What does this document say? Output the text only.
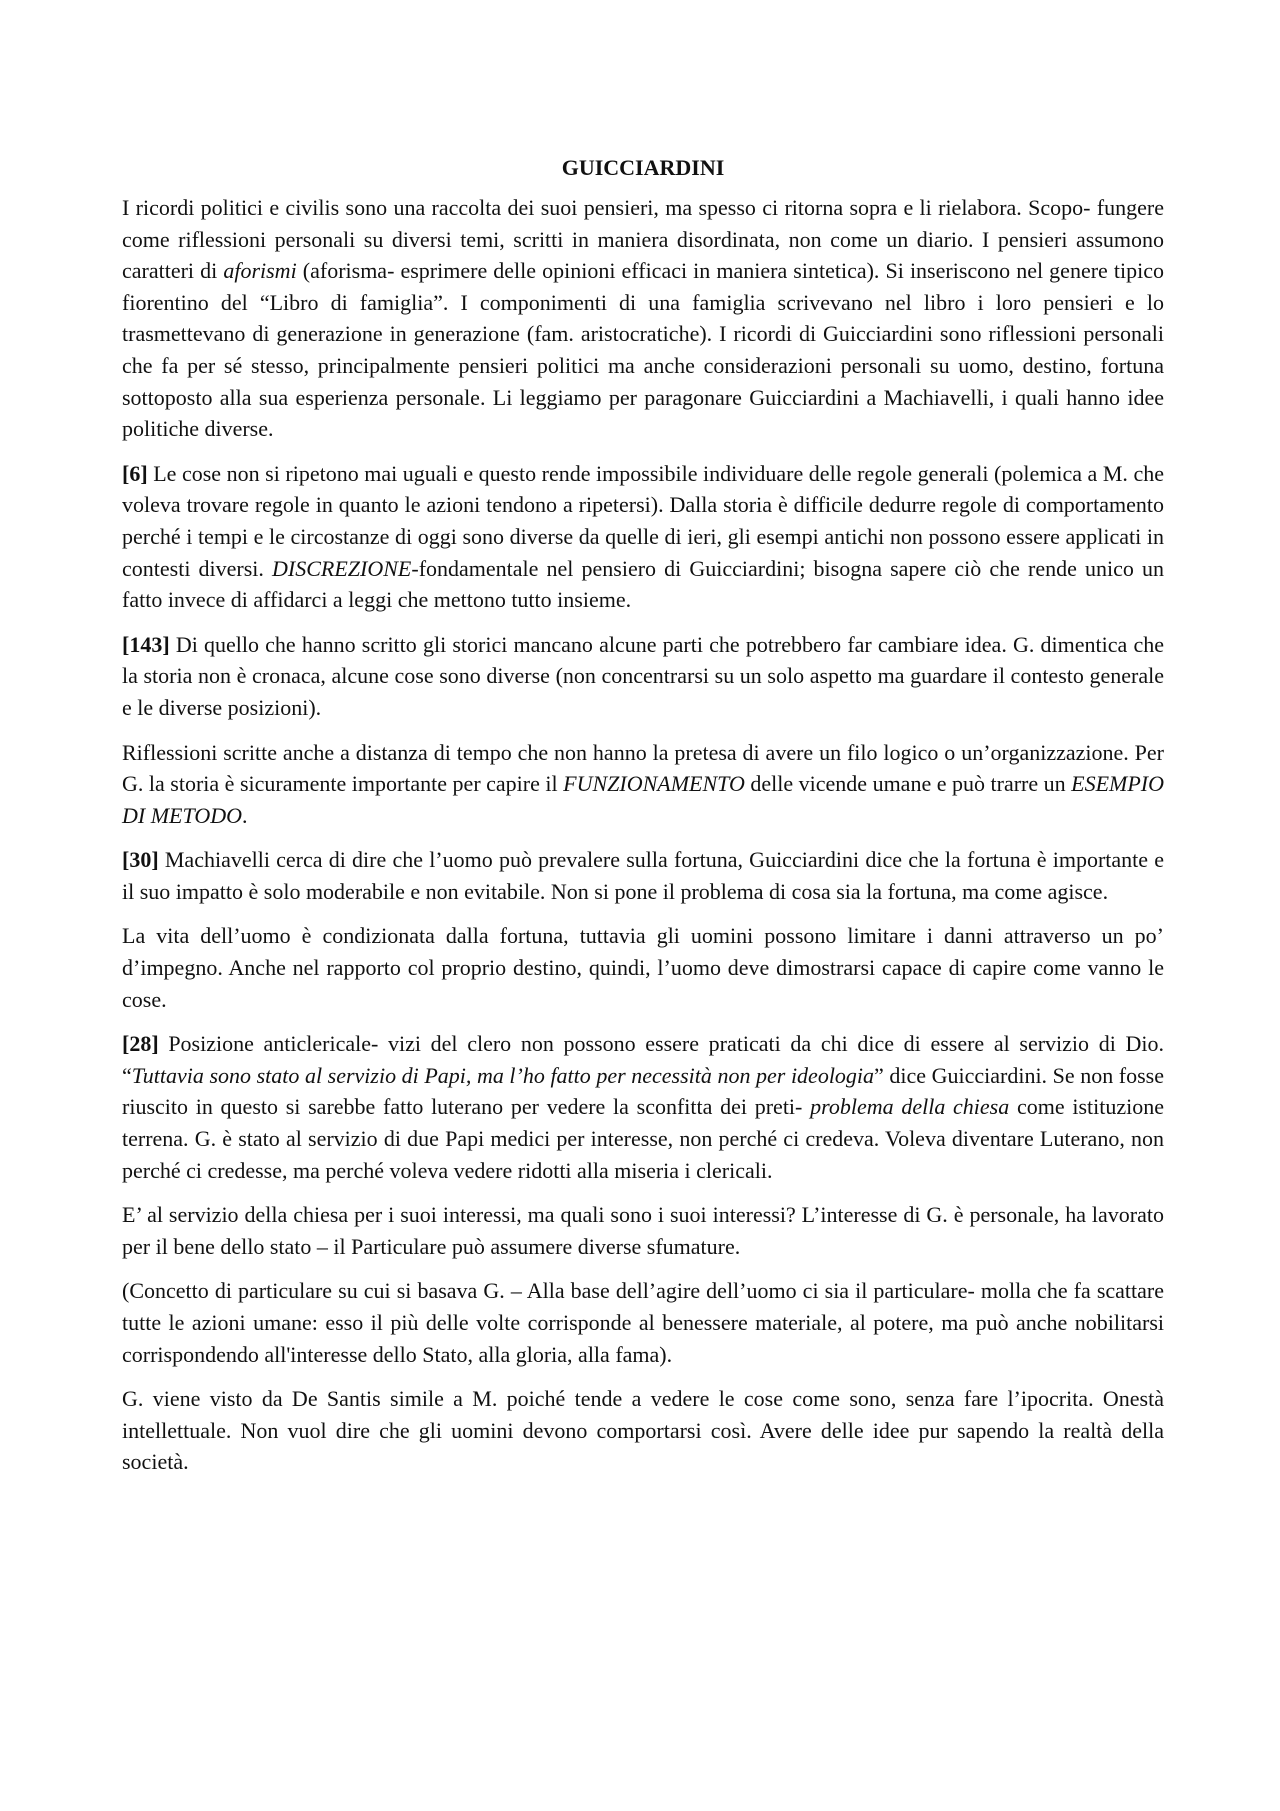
GUICCIARDINI

I ricordi politici e civilis sono una raccolta dei suoi pensieri, ma spesso ci ritorna sopra e li rielabora. Scopo- fungere come riflessioni personali su diversi temi, scritti in maniera disordinata, non come un diario. I pensieri assumono caratteri di aforismi (aforisma- esprimere delle opinioni efficaci in maniera sintetica). Si inseriscono nel genere tipico fiorentino del “Libro di famiglia”. I componimenti di una famiglia scrivevano nel libro i loro pensieri e lo trasmettevano di generazione in generazione (fam. aristocratiche). I ricordi di Guicciardini sono riflessioni personali che fa per sé stesso, principalmente pensieri politici ma anche considerazioni personali su uomo, destino, fortuna sottoposto alla sua esperienza personale. Li leggiamo per paragonare Guicciardini a Machiavelli, i quali hanno idee politiche diverse.

[6] Le cose non si ripetono mai uguali e questo rende impossibile individuare delle regole generali (polemica a M. che voleva trovare regole in quanto le azioni tendono a ripetersi). Dalla storia è difficile dedurre regole di comportamento perché i tempi e le circostanze di oggi sono diverse da quelle di ieri, gli esempi antichi non possono essere applicati in contesti diversi. DISCREZIONE-fondamentale nel pensiero di Guicciardini; bisogna sapere ciò che rende unico un fatto invece di affidarci a leggi che mettono tutto insieme.

[143] Di quello che hanno scritto gli storici mancano alcune parti che potrebbero far cambiare idea. G. dimentica che la storia non è cronaca, alcune cose sono diverse (non concentrarsi su un solo aspetto ma guardare il contesto generale e le diverse posizioni).

Riflessioni scritte anche a distanza di tempo che non hanno la pretesa di avere un filo logico o un’organizzazione. Per G. la storia è sicuramente importante per capire il FUNZIONAMENTO delle vicende umane e può trarre un ESEMPIO DI METODO.

[30] Machiavelli cerca di dire che l’uomo può prevalere sulla fortuna, Guicciardini dice che la fortuna è importante e il suo impatto è solo moderabile e non evitabile. Non si pone il problema di cosa sia la fortuna, ma come agisce.

La vita dell’uomo è condizionata dalla fortuna, tuttavia gli uomini possono limitare i danni attraverso un po’ d’impegno. Anche nel rapporto col proprio destino, quindi, l’uomo deve dimostrarsi capace di capire come vanno le cose.

[28] Posizione anticlericale- vizi del clero non possono essere praticati da chi dice di essere al servizio di Dio. “Tuttavia sono stato al servizio di Papi, ma l’ho fatto per necessità non per ideologia” dice Guicciardini. Se non fosse riuscito in questo si sarebbe fatto luterano per vedere la sconfitta dei preti- problema della chiesa come istituzione terrena. G. è stato al servizio di due Papi medici per interesse, non perché ci credeva. Voleva diventare Luterano, non perché ci credesse, ma perché voleva vedere ridotti alla miseria i clericali.

E’ al servizio della chiesa per i suoi interessi, ma quali sono i suoi interessi? L’interesse di G. è personale, ha lavorato per il bene dello stato – il Particulare può assumere diverse sfumature.

(Concetto di particulare su cui si basava G. – Alla base dell’agire dell’uomo ci sia il particulare- molla che fa scattare tutte le azioni umane: esso il più delle volte corrisponde al benessere materiale, al potere, ma può anche nobilitarsi corrispondendo all'interesse dello Stato, alla gloria, alla fama).

G. viene visto da De Santis simile a M. poiché tende a vedere le cose come sono, senza fare l’ipocrita. Onestà intellettuale. Non vuol dire che gli uomini devono comportarsi così. Avere delle idee pur sapendo la realtà della società.
